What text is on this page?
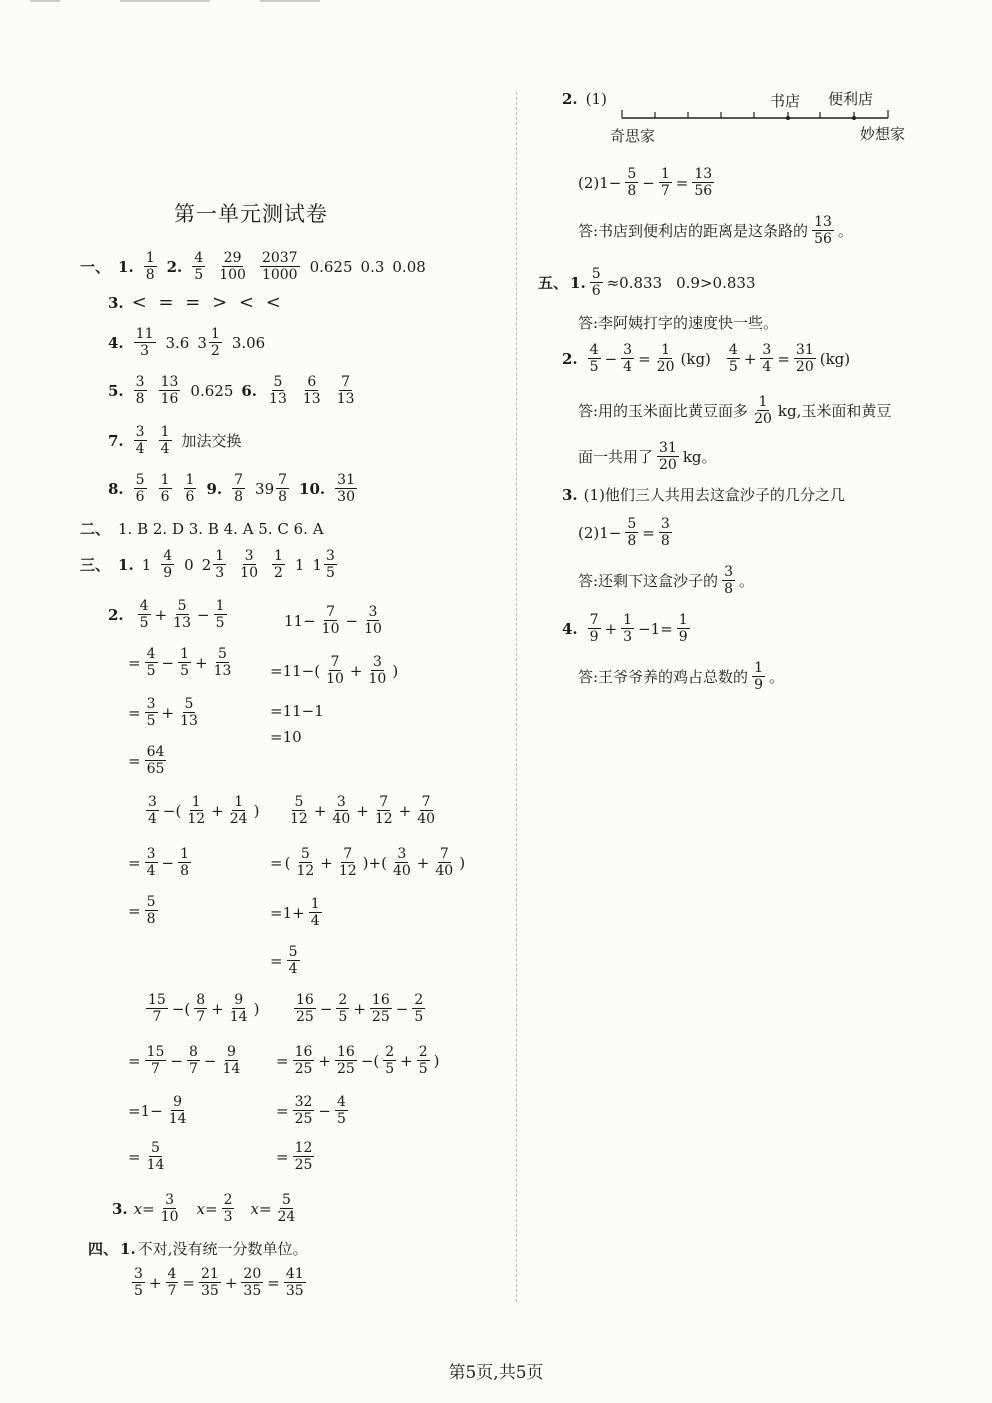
第一单元测试卷
一、 1. 1
8 2. 4
5
29
100
2037
1000 0.625 0.3 0.08
3. < = = > < <
4. 11
3 3.6 3 1
2 3.06
5. 3
8
13
16 0.625 6. 5
13
6
13
7
13
7. 3
4
1
4 加法交换
8. 5
6
1
6
1
6 9. 7
8 39 7
8 10. 31
30
二、 1. B 2. D 3. B 4. A 5. C 6. A
三、 1. 1 4
9 0 2 1
3
3
10
1
2 1 1 3
5
2. 4
5 + 5
13 − 1
5
= $\frac{4}{5} - 1$
5 + 5
13
= $\frac{3}{5} + 5$
13
= $\frac{64}{65}$
$11- \frac{7}{10} - 3$
10
=11−( 7
10 + 3
10 )
=11−1
=10
3
4 −( 1
12 + 1
24 )
= $\frac{3}{4} - 1$
8
= $\frac{5}{8}$
5
12 + 3
40 + 7
12 + 7
40
= ( $\frac{5}{12} + 7$
12 )+( 3
40 + 7
40 )
$=1+ \frac{1}{4}$
= $\frac{5}{4}$
15
7 −( 8
7 + 9
14 )
= $\frac{15}{7} - 8$
7 − 9
14
$=1- \frac{9}{14}$
= $\frac{5}{14}$
16
25 − 2
5 + 16
25 − 2
5
= $\frac{16}{25} + 16$
25 −( 2
5 + 2
5 )
= $\frac{32}{25} - 4$
5
= $\frac{12}{25}$
3. $x= \frac{3}{10} x= \frac{2}{3} x= \frac{5}{24}$
四、 1. 不对,没有统一分数单位。
3
5 + 4
7 = 21
35 + 20
35 = 41
35
2. (1)	书店 便利店
奇思家	妙想家
$(2)1- \frac{5}{8} - 1$
7 = 13
56
答:书店到便利店的距离是这条路的 13
56 。
五、 1. $\frac{5}{6} \approx 0.833$ 0.9>0.833
答:李阿姨打字的速度快一些。
2. 4
5 − 3
4 = 1
20 (kg) 4
5 + 3
4 = 31
20 (kg)
答:用的玉米面比黄豆面多 1
20 kg,玉米面和黄豆
面一共用了 31
20 kg。
3. (1)他们三人共用去这盒沙子的几分之几
$(2)1- \frac{5}{8} = 3$
8
答:还剩下这盒沙子的 3
8 。
4. 7
9 + 1
$3 -1= \frac{1}{9}$
答:王爷爷养的鸡占总数的 1
9 。
第5页,共5页
